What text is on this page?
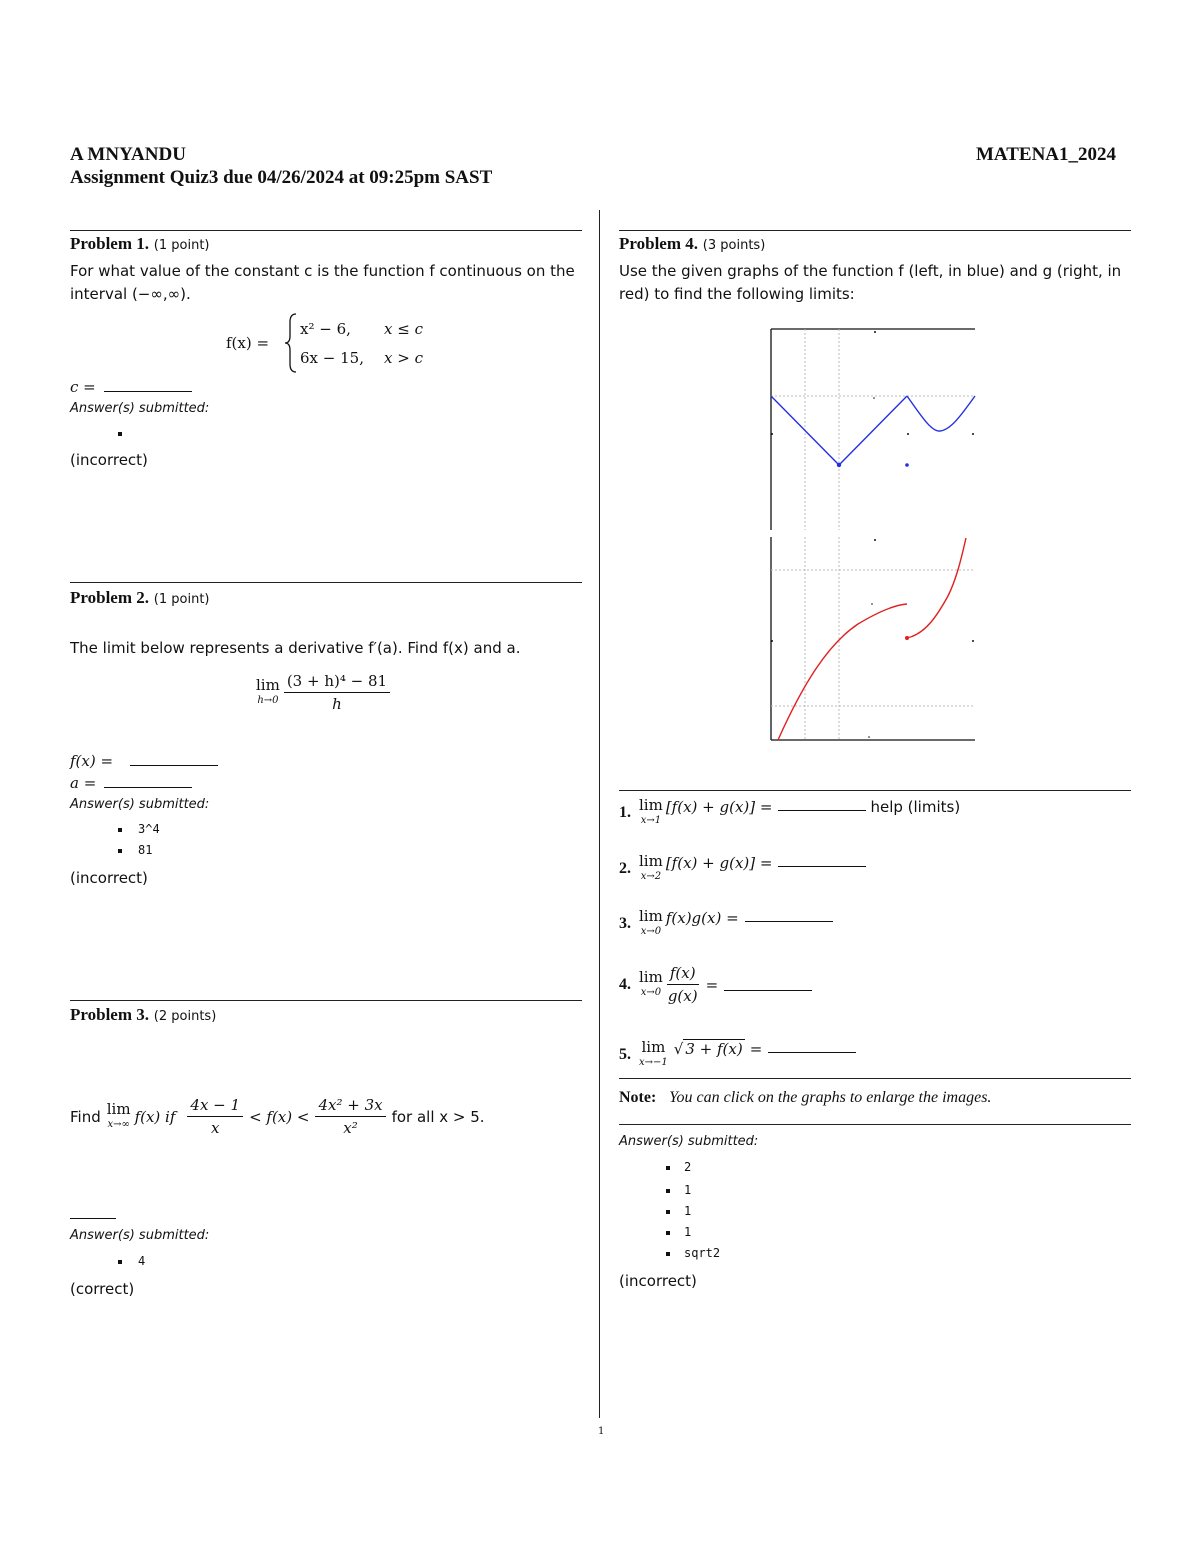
A MNYANDU	MATENA1_2024
Assignment Quiz3 due 04/26/2024 at 09:25pm SAST
Problem 1. (1 point)
For what value of the constant c is the function f continuous on the interval (−∞,∞).
f(x) =
x² − 6, x ≤ c
6x − 15, x > c
c =
Answer(s) submitted:
(incorrect)
Problem 2. (1 point)
The limit below represents a derivative f′(a). Find f(x) and a.
lim
$h\to 0 \frac{\text{(3 + h)⁴ − 81}}{h}$
f(x) =
a =
Answer(s) submitted:
3^4
81
(incorrect)
Problem 3. (2 points)
Find lim
x→∞ f(x) if $\frac{4x - 1}{x} < f(x) < \frac{\text{4x² + 3x}}{\text{x²}}$ for all x > 5.
Answer(s) submitted:
4
(correct)
Problem 4. (3 points)
Use the given graphs of the function f (left, in blue) and g (right, in red) to find the following limits:
1. lim
x→1
[f(x) + g(x)] =	help (limits)
2. lim
x→2
[f(x) + g(x)] =
3. lim
x→0
f(x)g(x) =
4. lim
$x\to 0 \frac{f(x)}{g(x)}$ =
5. lim
x→−1
√ 3 + f(x) =
Note: You can click on the graphs to enlarge the images.
Answer(s) submitted:
2
1
1
1
sqrt2
(incorrect)
1
